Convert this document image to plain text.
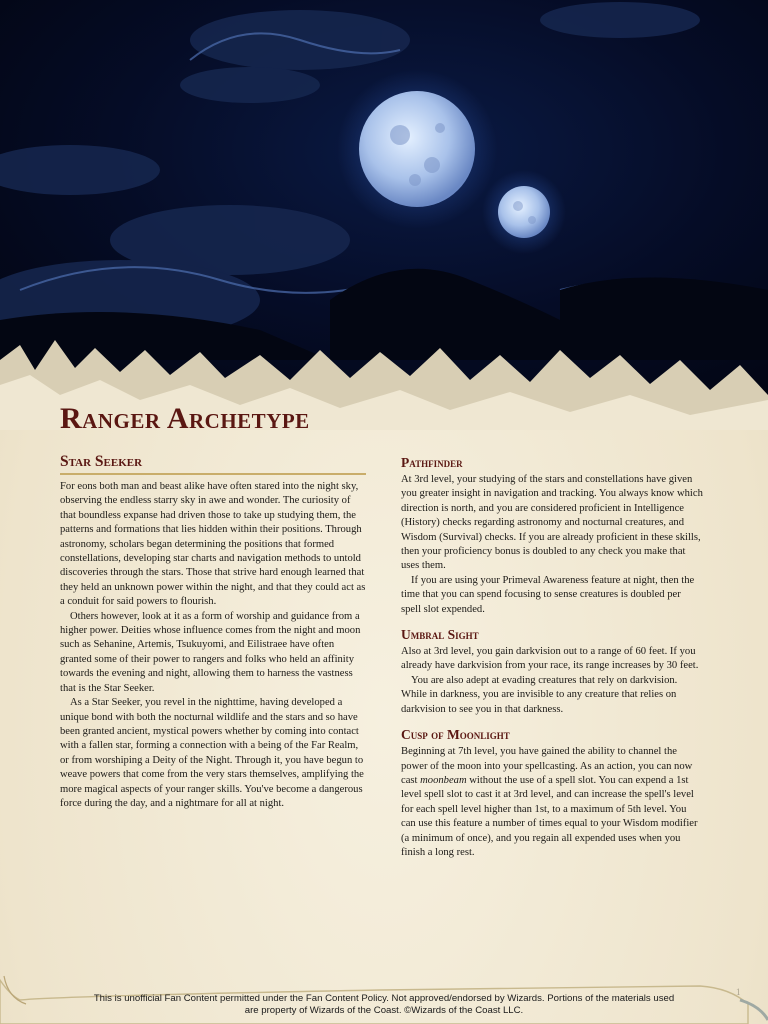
Ranger Archetype
Star Seeker

For eons both man and beast alike have often stared into the night sky, observing the endless starry sky in awe and wonder. The curiosity of that boundless expanse had driven those to take up studying them, the patterns and formations that lies hidden within their positions. Through astronomy, scholars began determining the positions that formed constellations, developing star charts and navigation methods to untold discoveries through the stars. Those that strive hard enough learned that they held an unknown power within the night, and that they could act as a conduit for said powers to flourish.

Others however, look at it as a form of worship and guidance from a higher power. Deities whose influence comes from the night and moon such as Sehanine, Artemis, Tsukuyomi, and Eilistraee have often granted some of their power to rangers and folks who held an affinity towards the evening and night, allowing them to harness the vastness that is the Star Seeker.

As a Star Seeker, you revel in the nighttime, having developed a unique bond with both the nocturnal wildlife and the stars and so have been granted ancient, mystical powers whether by coming into contact with a fallen star, forming a connection with a being of the Far Realm, or from worshiping a Deity of the Night. Through it, you have begun to weave powers that come from the very stars themselves, amplifying the more magical aspects of your ranger skills. You've become a dangerous force during the day, and a nightmare for all at night.

Pathfinder

At 3rd level, your studying of the stars and constellations have given you greater insight in navigation and tracking. You always know which direction is north, and you are considered proficient in Intelligence (History) checks regarding astronomy and nocturnal creatures, and Wisdom (Survival) checks. If you are already proficient in these skills, then your proficiency bonus is doubled to any check you make that uses them.

If you are using your Primeval Awareness feature at night, then the time that you can spend focusing to sense creatures is doubled per spell slot expended.

Umbral Sight

Also at 3rd level, you gain darkvision out to a range of 60 feet. If you already have darkvision from your race, its range increases by 30 feet.

You are also adept at evading creatures that rely on darkvision. While in darkness, you are invisible to any creature that relies on darkvision to see you in that darkness.

Cusp of Moonlight

Beginning at 7th level, you have gained the ability to channel the power of the moon into your spellcasting. As an action, you can now cast moonbeam without the use of a spell slot. You can expend a 1st level spell slot to cast it at 3rd level, and can increase the spell's level for each spell level higher than 1st, to a maximum of 5th level. You can use this feature a number of times equal to your Wisdom modifier (a minimum of once), and you regain all expended uses when you finish a long rest.

This is unofficial Fan Content permitted under the Fan Content Policy. Not approved/endorsed by Wizards. Portions of the materials used
are property of Wizards of the Coast. ©Wizards of the Coast LLC.
1
